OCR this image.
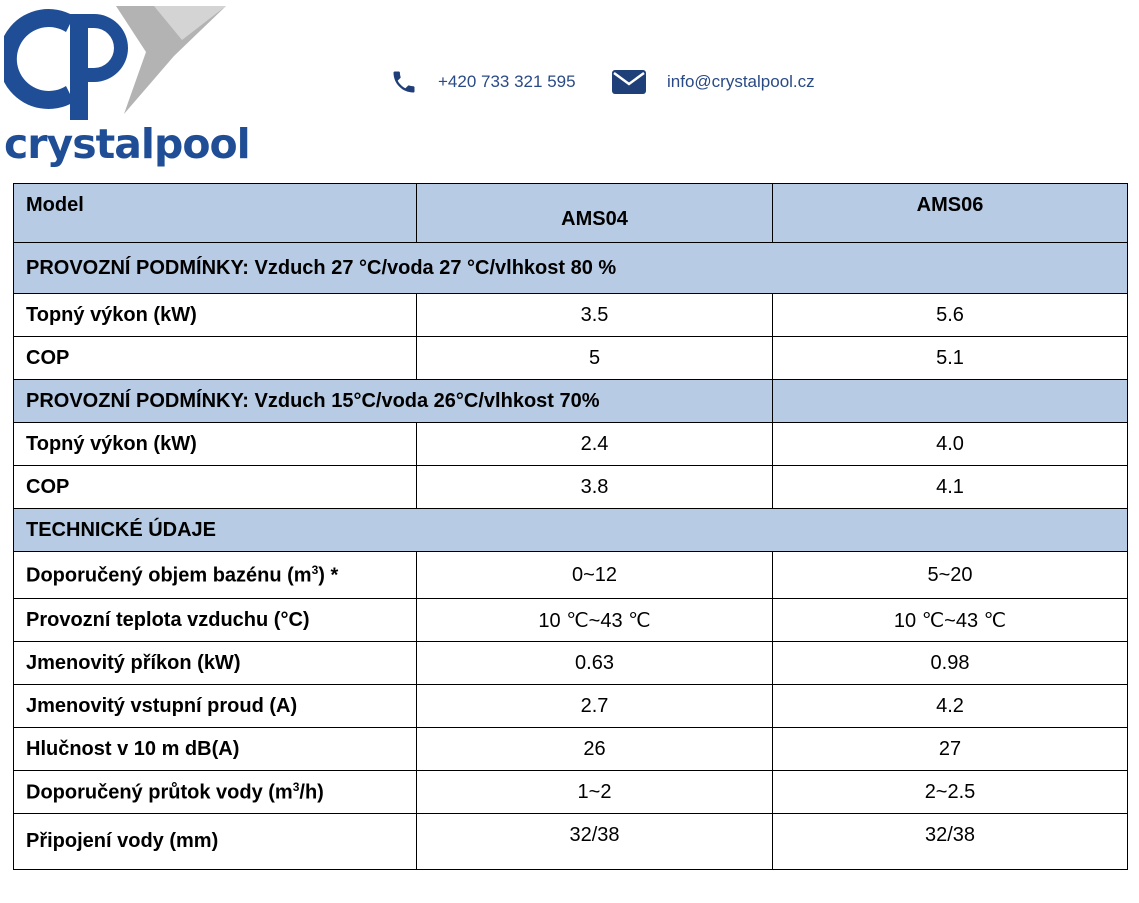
crystalpool
+420 733 321 595	info@crystalpool.cz
Model	AMS04	AMS06
PROVOZNÍ PODMÍNKY: Vzduch 27 °C/voda 27 °C/vlhkost 80 %		
Topný výkon (kW)	3.5	5.6
COP	5	5.1
PROVOZNÍ PODMÍNKY: Vzduch 15°C/voda 26°C/vlhkost 70%		
Topný výkon (kW)	2.4	4.0
COP	3.8	4.1
TECHNICKÉ ÚDAJE		
Doporučený objem bazénu $(m^3)$ *	0~12	5~20
Provozní teplota vzduchu (°C)	10 ℃~43 ℃	10 ℃~43 ℃
Jmenovitý příkon (kW)	0.63	0.98
Jmenovitý vstupní proud (A)	2.7	4.2
Hlučnost v 10 m dB(A)	26	27
Doporučený průtok vody $(m^3/h)$	1~2	2~2.5
Připojení vody (mm)	32/38	32/38
